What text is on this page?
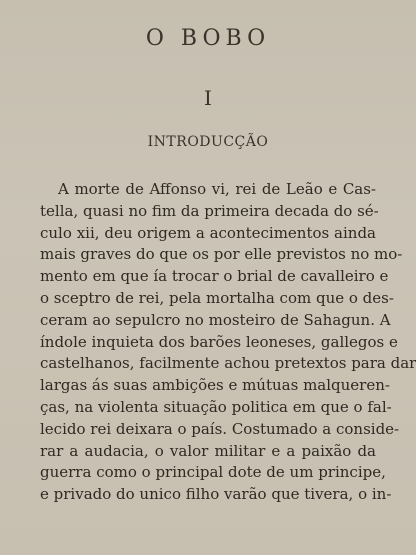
O BOBO
I
INTRODUCÇÃO
A morte de Affonso vi, rei de Leão e Cas-
tella, quasi no fim da primeira decada do sé-
culo xii, deu origem a acontecimentos ainda
mais graves do que os por elle previstos no mo-
mento em que ía trocar o brial de cavalleiro e
o sceptro de rei, pela mortalha com que o des-
ceram ao sepulcro no mosteiro de Sahagun. A
índole inquieta dos barões leoneses, gallegos e
castelhanos, facilmente achou pretextos para dar
largas ás suas ambições e mútuas malqueren-
ças, na violenta situação politica em que o fal-
lecido rei deixara o país. Costumado a conside-
rar a audacia, o valor militar e a paixão da
guerra como o principal dote de um principe,
e privado do unico filho varão que tivera, o in-
